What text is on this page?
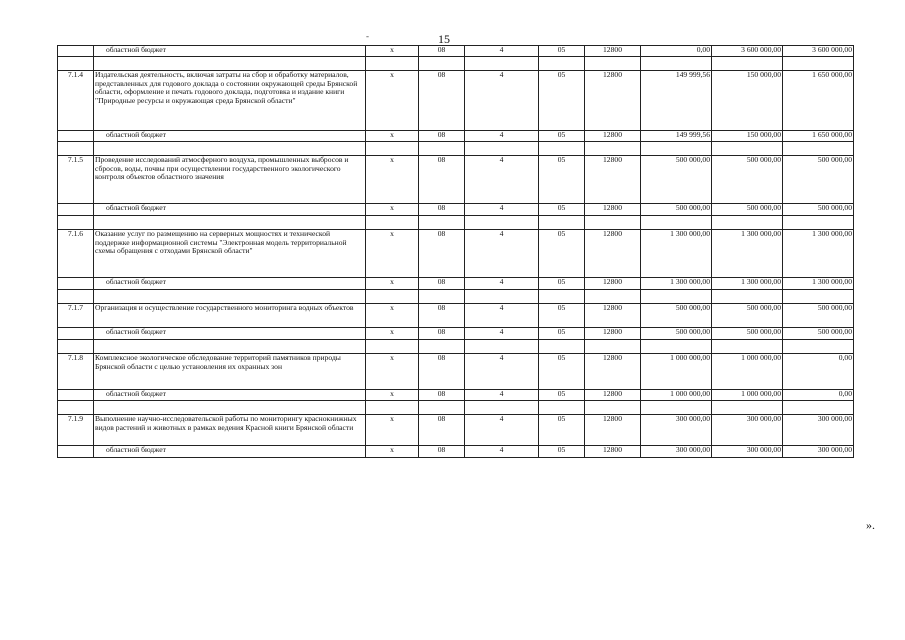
15
-
	областной бюджет	x	08	4	05	12800	0,00	3 600 000,00	3 600 000,00

7.1.4	Издательская деятельность, включая затраты на сбор и обработку материалов, представленных для годового доклада о состоянии окружающей среды Брянской области, оформление и печать годового доклада, подготовка и издание книги "Природные ресурсы и окружающая среда Брянской области"	x	08	4	05	12800	149 999,56	150 000,00	1 650 000,00
	областной бюджет	x	08	4	05	12800	149 999,56	150 000,00	1 650 000,00

7.1.5	Проведение исследований атмосферного воздуха, промышленных выбросов и сбросов, воды, почвы при осуществлении государственного экологического контроля объектов областного значения	x	08	4	05	12800	500 000,00	500 000,00	500 000,00
	областной бюджет	x	08	4	05	12800	500 000,00	500 000,00	500 000,00

7.1.6	Оказание услуг по размещению на серверных мощностях и технической поддержке информационной системы "Электронная модель территориальной схемы обращения с отходами Брянской области"	x	08	4	05	12800	1 300 000,00	1 300 000,00	1 300 000,00
	областной бюджет	x	08	4	05	12800	1 300 000,00	1 300 000,00	1 300 000,00

7.1.7	Организация и осуществление государственного мониторинга водных объектов	x	08	4	05	12800	500 000,00	500 000,00	500 000,00
	областной бюджет	x	08	4	05	12800	500 000,00	500 000,00	500 000,00

7.1.8	Комплексное экологическое обследование территорий памятников природы Брянской области с целью установления их охранных зон	x	08	4	05	12800	1 000 000,00	1 000 000,00	0,00
	областной бюджет	x	08	4	05	12800	1 000 000,00	1 000 000,00	0,00

7.1.9	Выполнение научно-исследовательской работы по мониторингу краснокнижных видов растений и животных в рамках ведения Красной книги Брянской области	x	08	4	05	12800	300 000,00	300 000,00	300 000,00
	областной бюджет	x	08	4	05	12800	300 000,00	300 000,00	300 000,00
».
